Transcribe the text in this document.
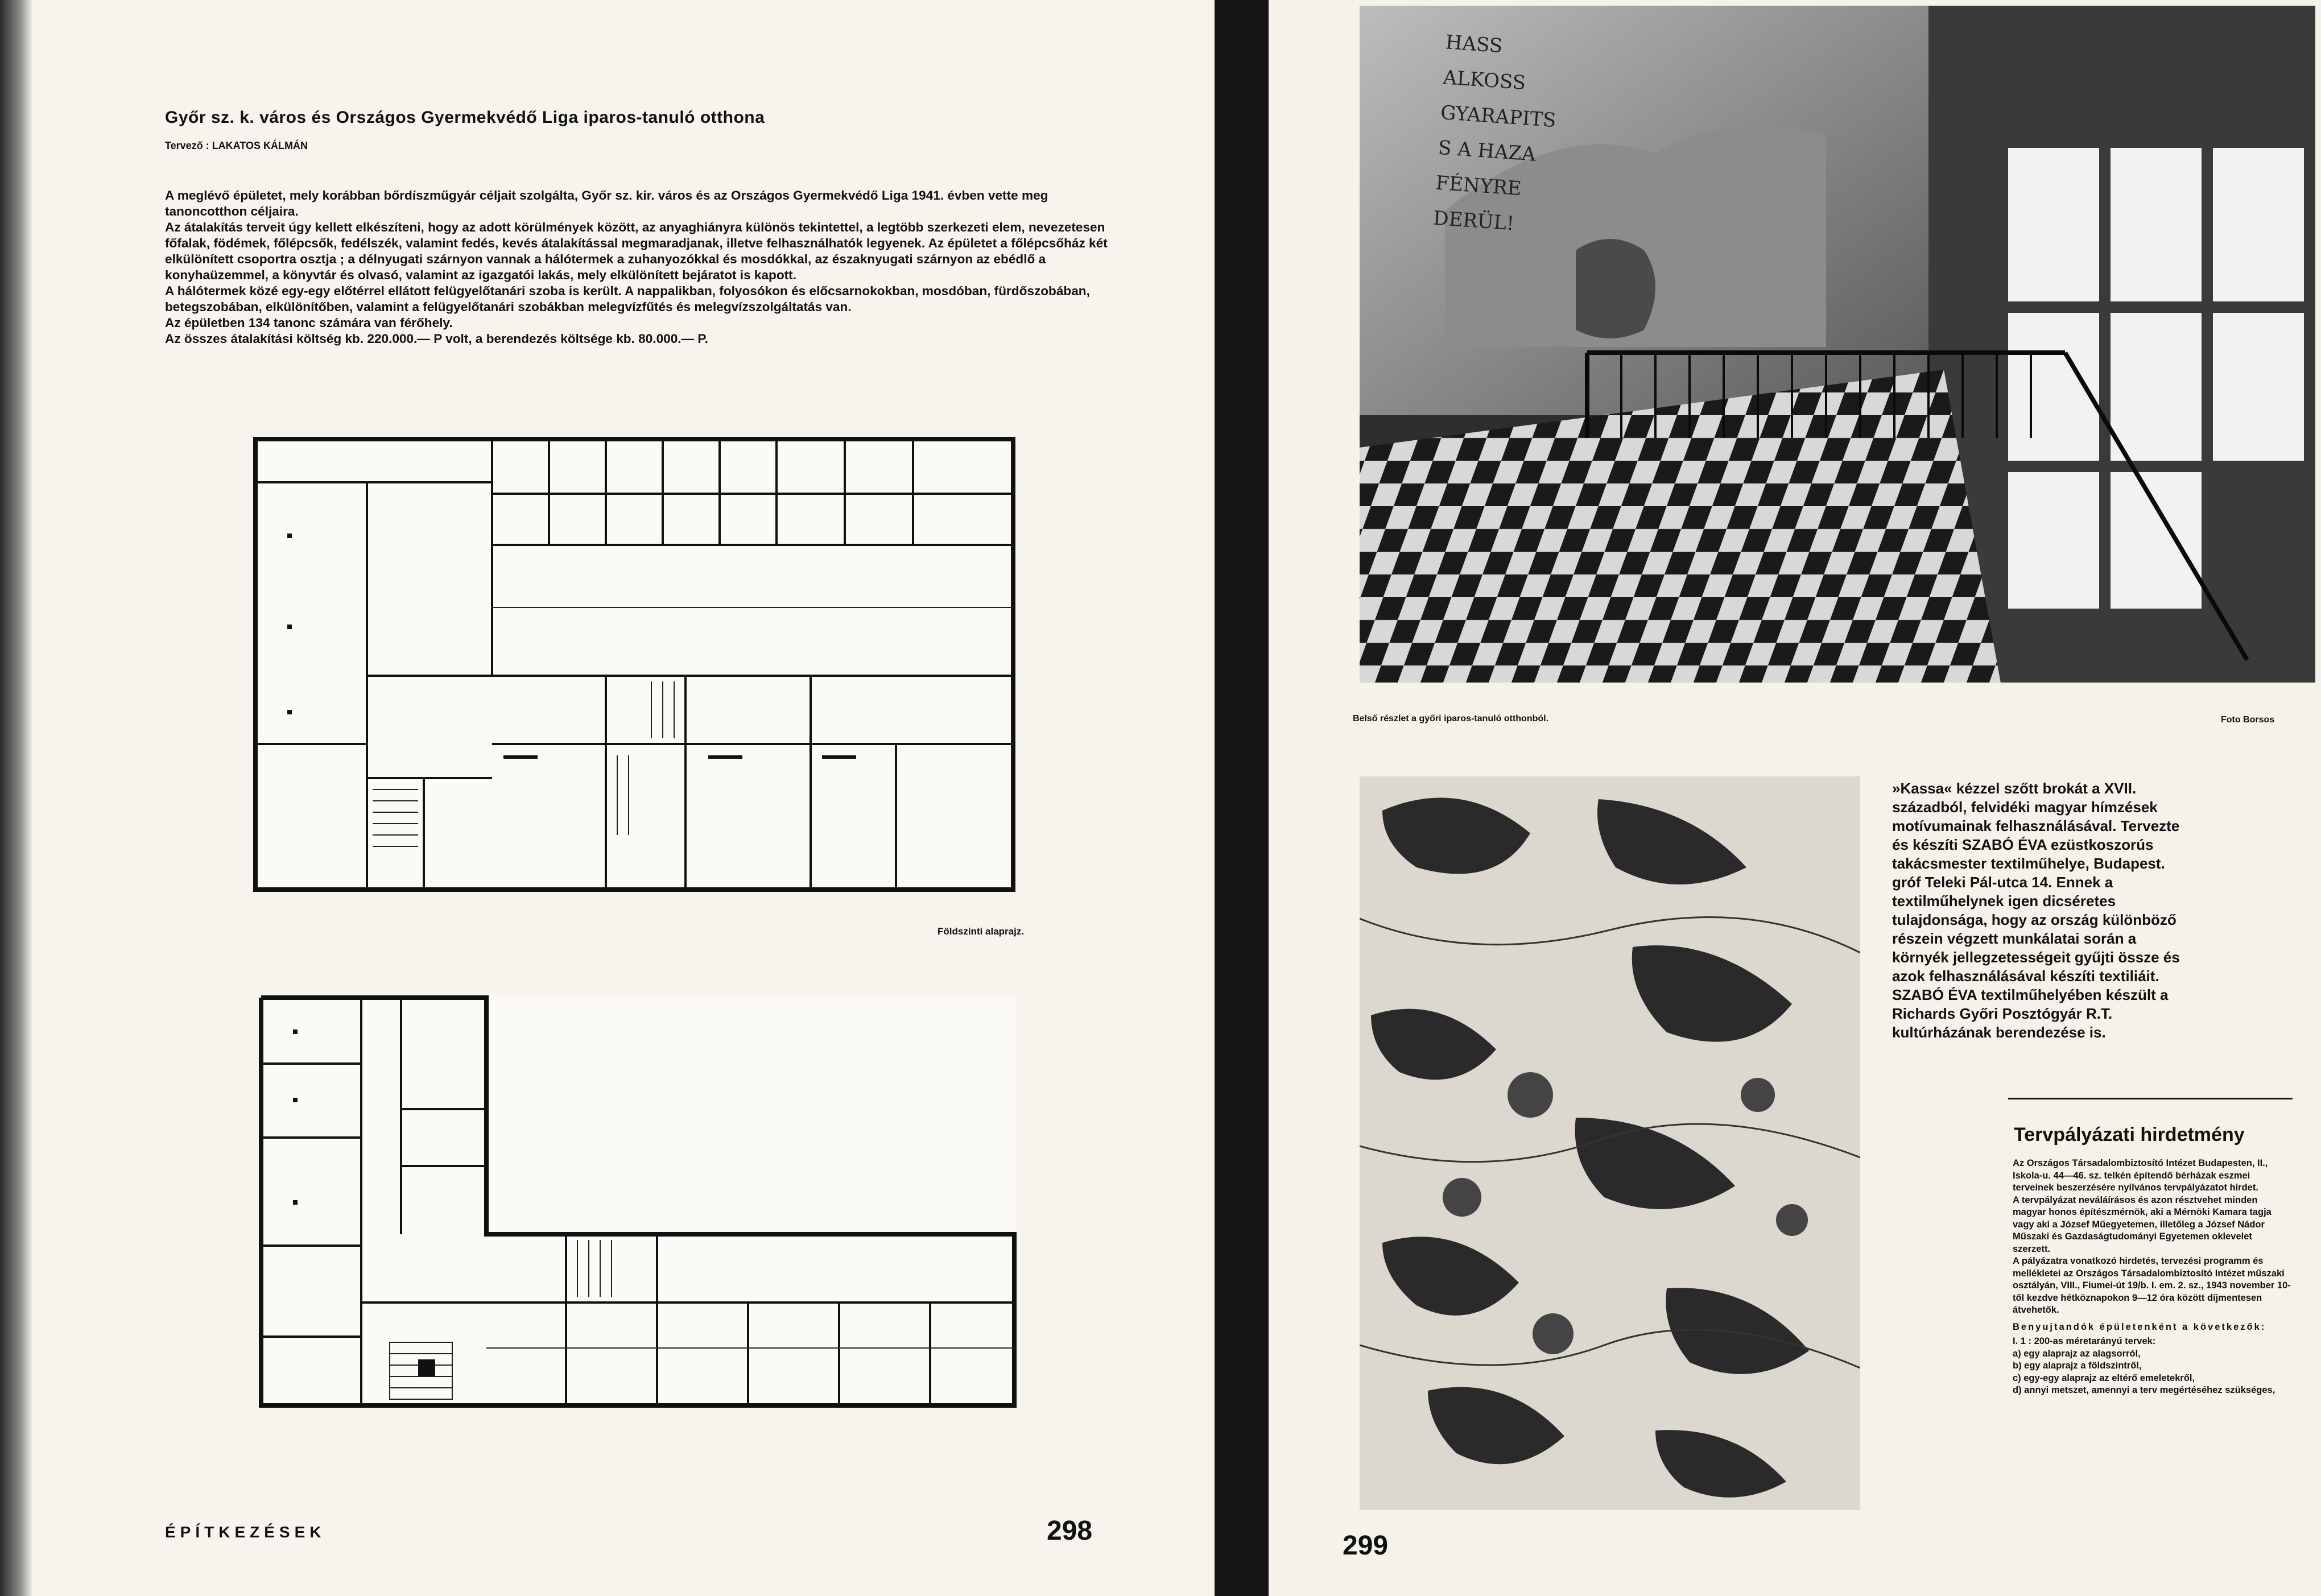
Győr sz. k. város és Országos Gyermekvédő Liga iparos-tanuló otthona
Tervező : LAKATOS KÁLMÁN

A meglévő épületet, mely korábban bőrdíszműgyár céljait szolgálta, Győr sz. kir. város és az Országos Gyermekvédő Liga 1941. évben vette meg tanoncotthon céljaira.

Az átalakítás terveit úgy kellett elkészíteni, hogy az adott körülmények között, az anyaghiányra különös tekintettel, a legtöbb szerkezeti elem, nevezetesen főfalak, födémek, főlépcsők, fedélszék, valamint fedés, kevés átalakítással megmaradjanak, illetve felhasználhatók legyenek. Az épületet a főlépcsőház két elkülönített csoportra osztja ; a délnyugati szárnyon vannak a hálótermek a zuhanyozókkal és mosdókkal, az északnyugati szárnyon az ebédlő a konyhaüzemmel, a könyvtár és olvasó, valamint az igazgatói lakás, mely elkülönített bejáratot is kapott.

A hálótermek közé egy-egy előtérrel ellátott felügyelőtanári szoba is került. A nappalikban, folyosókon és előcsarnokokban, mosdóban, fürdőszobában, betegszobában, elkülönítőben, valamint a felügyelőtanári szobákban melegvízfűtés és melegvízszolgáltatás van.

Az épületben 134 tanonc számára van férőhely.

Az összes átalakítási költség kb. 220.000.— P volt, a berendezés költsége kb. 80.000.— P.

Földszinti alaprajz.
ÉPÍTKEZÉSEK	298
HASS
ALKOSS
GYARAPITS
S A HAZA
FÉNYRE
DERÜL!
Belső részlet a győri iparos-tanuló otthonból.	Foto Borsos

»Kassa« kézzel szőtt brokát a XVII. századból, felvidéki magyar hímzések motívumainak felhasználásával. Tervezte és készíti SZABÓ ÉVA ezüstkoszorús takácsmester textilműhelye, Budapest. gróf Teleki Pál-utca 14. Ennek a textilműhelynek igen dicséretes tulajdonsága, hogy az ország különböző részein végzett munkálatai során a környék jellegzetességeit gyűjti össze és azok felhasználásával készíti textiliáit.

SZABÓ ÉVA textilműhelyében készült a Richards Győri Posztógyár R.T. kultúrházának berendezése is.

Tervpályázati hirdetmény

Az Országos Társadalombiztosító Intézet Budapesten, II., Iskola-u. 44—46. sz. telkén építendő bérházak eszmei terveinek beszerzésére nyilvános tervpályázatot hirdet.

A tervpályázat neváláírásos és azon résztvehet minden magyar honos építészmérnök, aki a Mérnöki Kamara tagja vagy aki a József Műegyetemen, illetőleg a József Nádor Műszaki és Gazdaságtudományi Egyetemen oklevelet szerzett.

A pályázatra vonatkozó hirdetés, tervezési programm és mellékletei az Országos Társadalombiztosító Intézet műszaki osztályán, VIII., Fiumei-út 19/b. I. em. 2. sz., 1943 november 10-től kezdve hétköznapokon 9—12 óra között díjmentesen átvehetők.

Benyujtandók épületenként a következők:

I. 1 : 200-as méretarányú tervek:
a) egy alaprajz az alagsorról,
b) egy alaprajz a földszintről,
c) egy-egy alaprajz az eltérő emeletekről,
d) annyi metszet, amennyi a terv megértéséhez szükséges,
299
